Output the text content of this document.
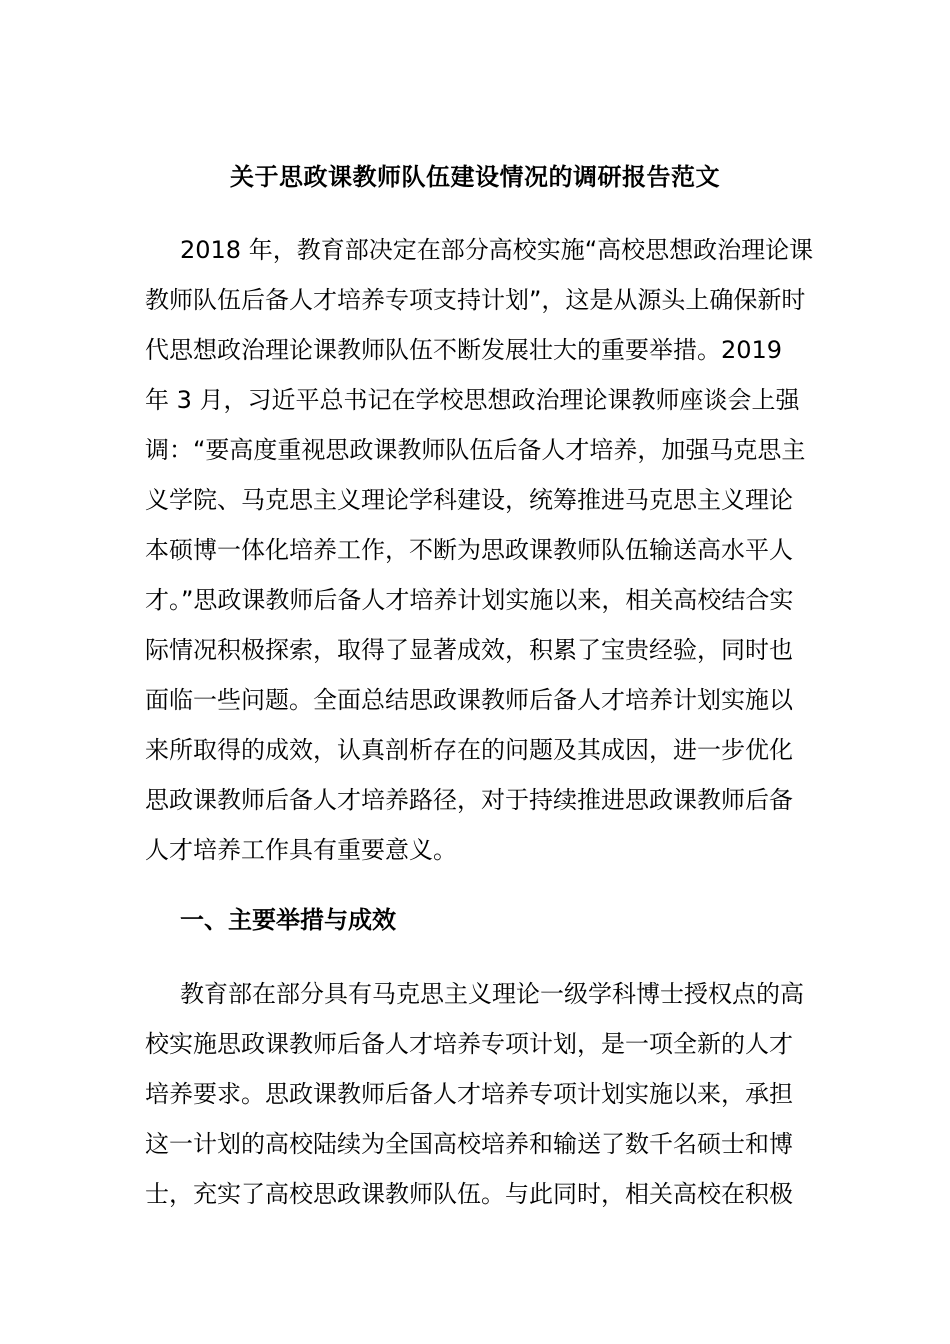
关于思政课教师队伍建设情况的调研报告范文
2018 年，教育部决定在部分高校实施“高校思想政治理论课
教师队伍后备人才培养专项支持计划”，这是从源头上确保新时
代思想政治理论课教师队伍不断发展壮大的重要举措。2019
年 3 月，习近平总书记在学校思想政治理论课教师座谈会上强
调：“要高度重视思政课教师队伍后备人才培养，加强马克思主
义学院、马克思主义理论学科建设，统筹推进马克思主义理论
本硕博一体化培养工作，不断为思政课教师队伍输送高水平人
才。”思政课教师后备人才培养计划实施以来，相关高校结合实
际情况积极探索，取得了显著成效，积累了宝贵经验，同时也
面临一些问题。全面总结思政课教师后备人才培养计划实施以
来所取得的成效，认真剖析存在的问题及其成因，进一步优化
思政课教师后备人才培养路径，对于持续推进思政课教师后备
人才培养工作具有重要意义。
一、主要举措与成效
教育部在部分具有马克思主义理论一级学科博士授权点的高
校实施思政课教师后备人才培养专项计划，是一项全新的人才
培养要求。思政课教师后备人才培养专项计划实施以来，承担
这一计划的高校陆续为全国高校培养和输送了数千名硕士和博
士，充实了高校思政课教师队伍。与此同时，相关高校在积极
